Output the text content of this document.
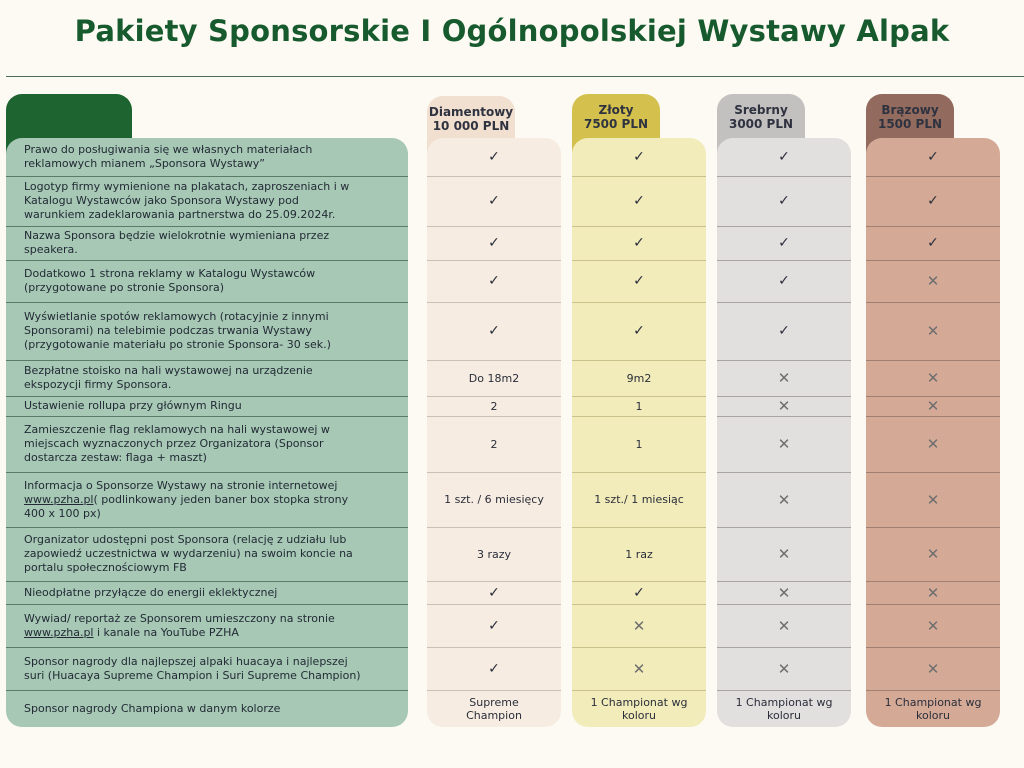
Pakiety Sponsorskie I Ogólnopolskiej Wystawy Alpak
Prawo do posługiwania się we własnych materiałach
reklamowych mianem „Sponsora Wystawy”
Logotyp firmy wymienione na plakatach, zaproszeniach i w
Katalogu Wystawców jako Sponsora Wystawy pod
warunkiem zadeklarowania partnerstwa do 25.09.2024r.
Nazwa Sponsora będzie wielokrotnie wymieniana przez
speakera.
Dodatkowo 1 strona reklamy w Katalogu Wystawców
(przygotowane po stronie Sponsora)
Wyświetlanie spotów reklamowych (rotacyjnie z innymi
Sponsorami) na telebimie podczas trwania Wystawy
(przygotowanie materiału po stronie Sponsora- 30 sek.)
Bezpłatne stoisko na hali wystawowej na urządzenie
ekspozycji firmy Sponsora.
Ustawienie rollupa przy głównym Ringu
Zamieszczenie flag reklamowych na hali wystawowej w
miejscach wyznaczonych przez Organizatora (Sponsor
dostarcza zestaw: flaga + maszt)
Informacja o Sponsorze Wystawy na stronie internetowej
www.pzha.pl( podlinkowany jeden baner box stopka strony
400 x 100 px)
Organizator udostępni post Sponsora (relację z udziału lub
zapowiedź uczestnictwa w wydarzeniu) na swoim koncie na
portalu społecznościowym FB
Nieodpłatne przyłącze do energii eklektycznej
Wywiad/ reportaż ze Sponsorem umieszczony na stronie
www.pzha.pl i kanale na YouTube PZHA
Sponsor nagrody dla najlepszej alpaki huacaya i najlepszej
suri (Huacaya Supreme Champion i Suri Supreme Champion)
Sponsor nagrody Championa w danym kolorze
Diamentowy
10 000 PLN
✓
✓
✓
✓
✓
Do 18m2
2
2
1 szt. / 6 miesięcy
3 razy
✓
✓
✓
Supreme
Champion
Złoty
7500 PLN
✓
✓
✓
✓
✓
9m2
1
1
1 szt./ 1 miesiąc
1 raz
✓
✕
✕
1 Championat wg
koloru
Srebrny
3000 PLN
✓
✓
✓
✓
✓
✕
✕
✕
✕
✕
✕
✕
✕
1 Championat wg
koloru
Brązowy
1500 PLN
✓
✓
✓
✕
✕
✕
✕
✕
✕
✕
✕
✕
✕
1 Championat wg
koloru
